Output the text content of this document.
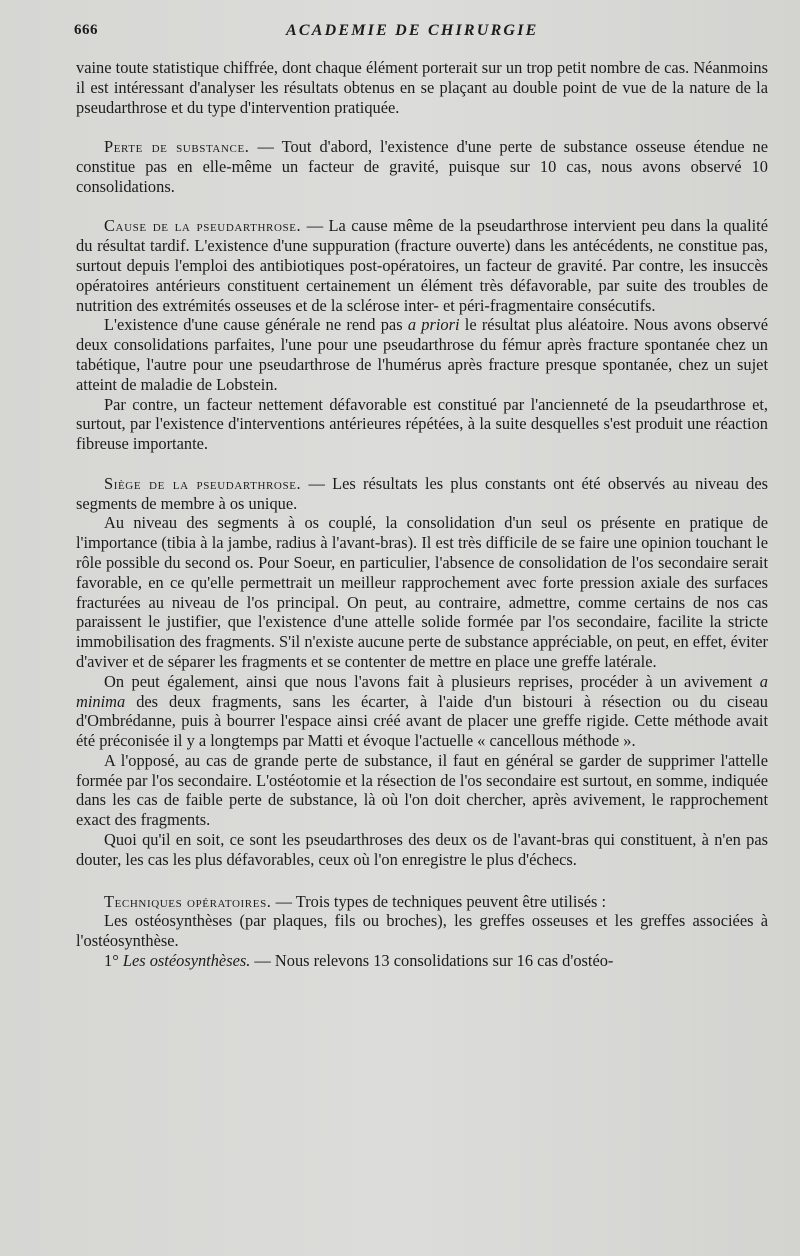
666	ACADEMIE DE CHIRURGIE

vaine toute statistique chiffrée, dont chaque élément porterait sur un trop petit nombre de cas. Néanmoins il est intéressant d'analyser les résultats obtenus en se plaçant au double point de vue de la nature de la pseudarthrose et du type d'intervention pratiquée.

Perte de substance. — Tout d'abord, l'existence d'une perte de substance osseuse étendue ne constitue pas en elle-même un facteur de gravité, puisque sur 10 cas, nous avons observé 10 consolidations.

Cause de la pseudarthrose. — La cause même de la pseudarthrose intervient peu dans la qualité du résultat tardif. L'existence d'une suppuration (fracture ouverte) dans les antécédents, ne constitue pas, surtout depuis l'emploi des antibiotiques post-opératoires, un facteur de gravité. Par contre, les insuccès opératoires antérieurs constituent certainement un élément très défavorable, par suite des troubles de nutrition des extrémités osseuses et de la sclérose inter- et péri-fragmentaire consécutifs.

L'existence d'une cause générale ne rend pas a priori le résultat plus aléatoire. Nous avons observé deux consolidations parfaites, l'une pour une pseudarthrose du fémur après fracture spontanée chez un tabétique, l'autre pour une pseudarthrose de l'humérus après fracture presque spontanée, chez un sujet atteint de maladie de Lobstein.

Par contre, un facteur nettement défavorable est constitué par l'ancienneté de la pseudarthrose et, surtout, par l'existence d'interventions antérieures répétées, à la suite desquelles s'est produit une réaction fibreuse importante.

Siège de la pseudarthrose. — Les résultats les plus constants ont été observés au niveau des segments de membre à os unique.

Au niveau des segments à os couplé, la consolidation d'un seul os présente en pratique de l'importance (tibia à la jambe, radius à l'avant-bras). Il est très difficile de se faire une opinion touchant le rôle possible du second os. Pour Soeur, en particulier, l'absence de consolidation de l'os secondaire serait favorable, en ce qu'elle permettrait un meilleur rapprochement avec forte pression axiale des surfaces fracturées au niveau de l'os principal. On peut, au contraire, admettre, comme certains de nos cas paraissent le justifier, que l'existence d'une attelle solide formée par l'os secondaire, facilite la stricte immobilisation des fragments. S'il n'existe aucune perte de substance appréciable, on peut, en effet, éviter d'aviver et de séparer les fragments et se contenter de mettre en place une greffe latérale.

On peut également, ainsi que nous l'avons fait à plusieurs reprises, procéder à un avivement a minima des deux fragments, sans les écarter, à l'aide d'un bistouri à résection ou du ciseau d'Ombrédanne, puis à bourrer l'espace ainsi créé avant de placer une greffe rigide. Cette méthode avait été préconisée il y a longtemps par Matti et évoque l'actuelle « cancellous méthode ».

A l'opposé, au cas de grande perte de substance, il faut en général se garder de supprimer l'attelle formée par l'os secondaire. L'ostéotomie et la résection de l'os secondaire est surtout, en somme, indiquée dans les cas de faible perte de substance, là où l'on doit chercher, après avivement, le rapprochement exact des fragments.

Quoi qu'il en soit, ce sont les pseudarthroses des deux os de l'avant-bras qui constituent, à n'en pas douter, les cas les plus défavorables, ceux où l'on enregistre le plus d'échecs.

Techniques opératoires. — Trois types de techniques peuvent être utilisés :

Les ostéosynthèses (par plaques, fils ou broches), les greffes osseuses et les greffes associées à l'ostéosynthèse.

1° Les ostéosynthèses. — Nous relevons 13 consolidations sur 16 cas d'ostéo-
